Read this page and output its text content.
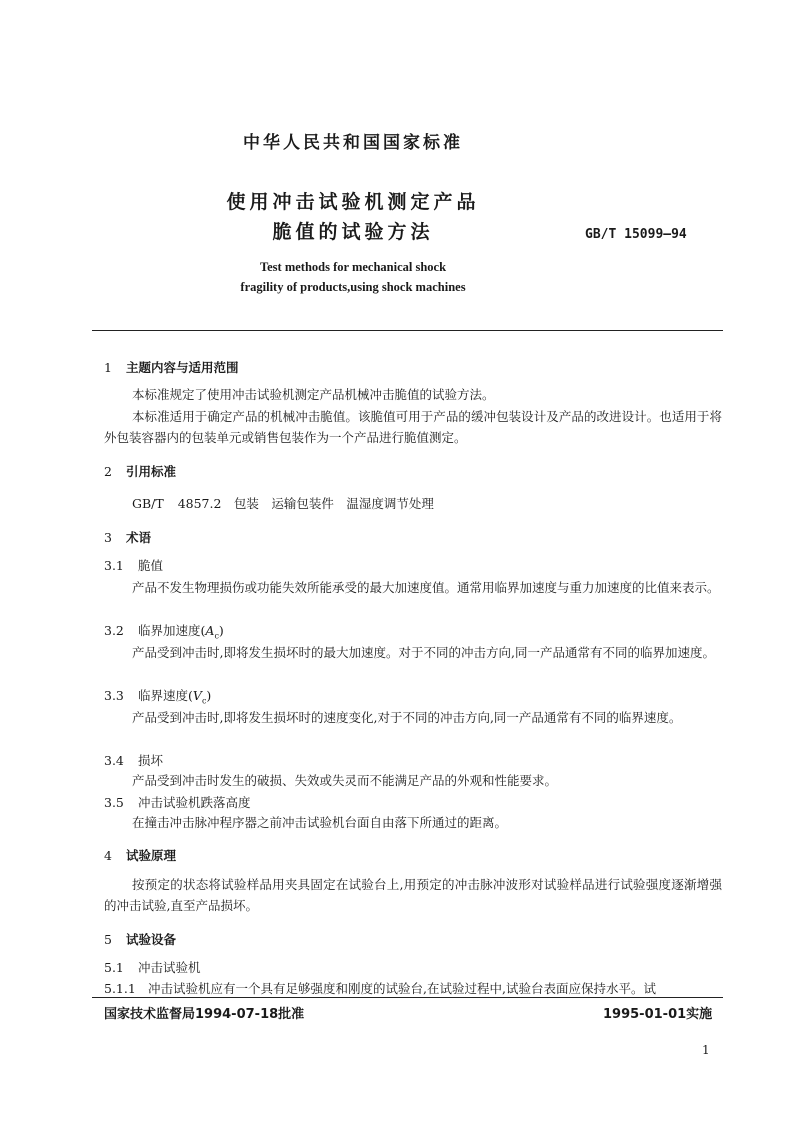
中华人民共和国国家标准
使用冲击试验机测定产品
脆值的试验方法	GB/T 15099—94
Test methods for mechanical shock
fragility of products,using shock machines
1 主题内容与适用范围
本标准规定了使用冲击试验机测定产品机械冲击脆值的试验方法。
本标准适用于确定产品的机械冲击脆值。该脆值可用于产品的缓冲包装设计及产品的改进设计。也适用于将外包装容器内的包装单元或销售包装作为一个产品进行脆值测定。
2 引用标准
GB/T 4857.2　包装　运输包装件　温湿度调节处理
3 术语
3.1 脆值
产品不发生物理损伤或功能失效所能承受的最大加速度值。通常用临界加速度与重力加速度的比值来表示。
3.2 临界加速度$(A_c)$
产品受到冲击时,即将发生损坏时的最大加速度。对于不同的冲击方向,同一产品通常有不同的临界加速度。
3.3 临界速度$(V_c)$
产品受到冲击时,即将发生损坏时的速度变化,对于不同的冲击方向,同一产品通常有不同的临界速度。
3.4 损坏
产品受到冲击时发生的破损、失效或失灵而不能满足产品的外观和性能要求。
3.5 冲击试验机跌落高度
在撞击冲击脉冲程序器之前冲击试验机台面自由落下所通过的距离。
4 试验原理
按预定的状态将试验样品用夹具固定在试验台上,用预定的冲击脉冲波形对试验样品进行试验强度逐渐增强的冲击试验,直至产品损坏。
5 试验设备
5.1 冲击试验机
5.1.1 冲击试验机应有一个具有足够强度和刚度的试验台,在试验过程中,试验台表面应保持水平。试
国家技术监督局1994-07-18批准	1995-01-01实施
1
